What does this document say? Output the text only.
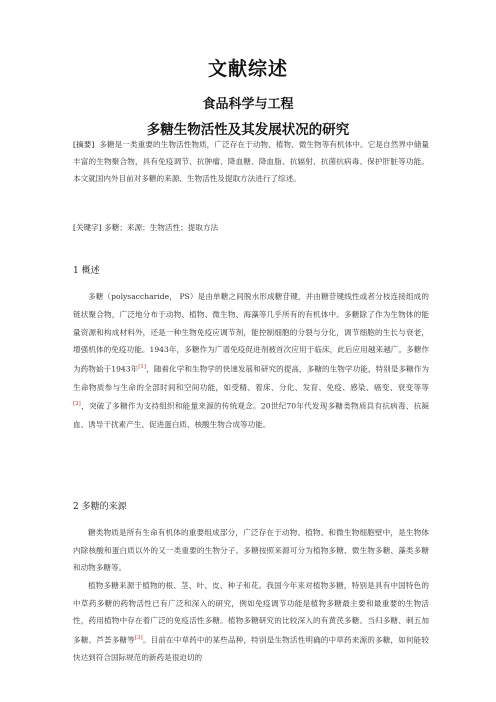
文献综述
食品科学与工程
多糖生物活性及其发展状况的研究
[摘要] 多糖是一类重要的生物活性物质，广泛存在于动物、植物、微生物等有机体中。它是自然界中储量丰富的生物聚合物，具有免疫调节、抗肿瘤、降血糖、降血脂、抗辐射、抗菌抗病毒、保护肝脏等功能。本文就国内外目前对多糖的来源、生物活性及提取方法进行了综述。
[关键字] 多糖；来源；生物活性；提取方法
1 概述
多糖（polysaccharide， PS）是由单糖之间脱水形成糖苷键，并由糖苷键线性或者分枝连接组成的链状聚合物，广泛地分布于动物、植物、微生物、海藻等几乎所有的有机体中。多糖除了作为生物体的能量资源和构成材料外，还是一种生物免疫应调节剂，能控制细胞的分裂与分化，调节细胞的生长与衰老，增强机体的免疫功能。1943年，多糖作为广谱免疫促进剂被首次应用于临床，此后应用越来越广。多糖作为药物始于1943年[1]，随着化学和生物学的快速发展和研究的提高，多糖的生物学功能，特别是多糖作为生命物质参与生命的全部时间和空间功能，如受精、着床、分化、发育、免疫、感染、癌变、衰变等等[2]，突破了多糖作为支持组织和能量来源的传统观念。20世纪70年代发现多糖类物质具有抗病毒、抗凝血、诱导干扰素产生、促进蛋白质、核酸生物合成等功能。
2 多糖的来源
糖类物质是所有生命有机体的重要组成部分，广泛存在于动物、植物、和微生物细胞壁中，是生物体内除核酸和蛋白质以外的又一类重要的生物分子。多糖按照来源可分为植物多糖、微生物多糖、藻类多糖和动物多糖等。
植物多糖来源于植物的根、茎、叶、皮、种子和花。我国今年来对植物多糖，特别是具有中国特色的中草药多糖的药物活性已有广泛和深入的研究，例如免疫调节功能是植物多糖最主要和最重要的生物活性，药用植物中存在着广泛的免疫活性多糖。植物多糖研究的比较深入的有黄芪多糖、当归多糖、刺五加多糖、芦荟多糖等[3]。目前在中草药中的某些品种，特别是生物活性明确的中草药来源的多糖，如何能较快达到符合国际规范的新药是很迫切的
